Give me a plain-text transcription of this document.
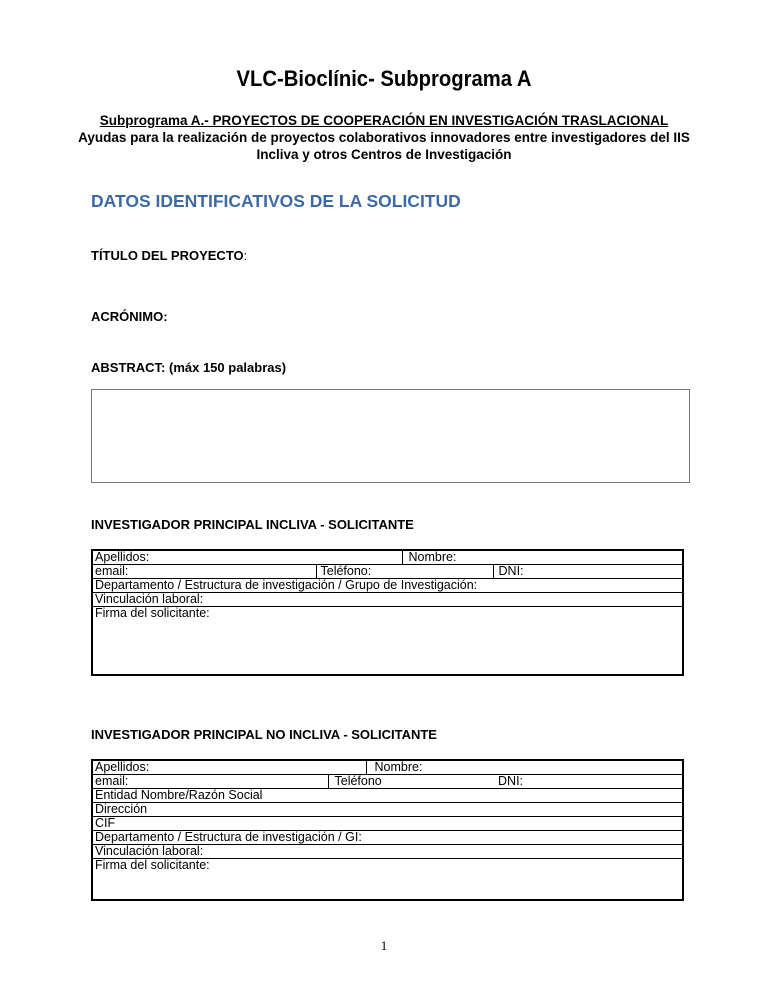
VLC-Bioclínic- Subprograma A
Subprograma A.- PROYECTOS DE COOPERACIÓN EN INVESTIGACIÓN TRASLACIONAL
Ayudas para la realización de proyectos colaborativos innovadores entre investigadores del IIS
Incliva y otros Centros de Investigación
DATOS IDENTIFICATIVOS DE LA SOLICITUD
TÍTULO DEL PROYECTO:
ACRÓNIMO:
ABSTRACT: (máx 150 palabras)
INVESTIGADOR PRINCIPAL INCLIVA - SOLICITANTE
Apellidos:		Nombre:	
email:	Teléfono:		DNI:
Departamento / Estructura de investigación / Grupo de Investigación:			
Vinculación laboral:			
Firma del solicitante:			
INVESTIGADOR PRINCIPAL NO INCLIVA - SOLICITANTE
Apellidos:		Nombre:	
email:	Teléfono		DNI:
Entidad Nombre/Razón Social			
Dirección			
CIF			
Departamento / Estructura de investigación / GI:			
Vinculación laboral:			
Firma del solicitante:			
1
